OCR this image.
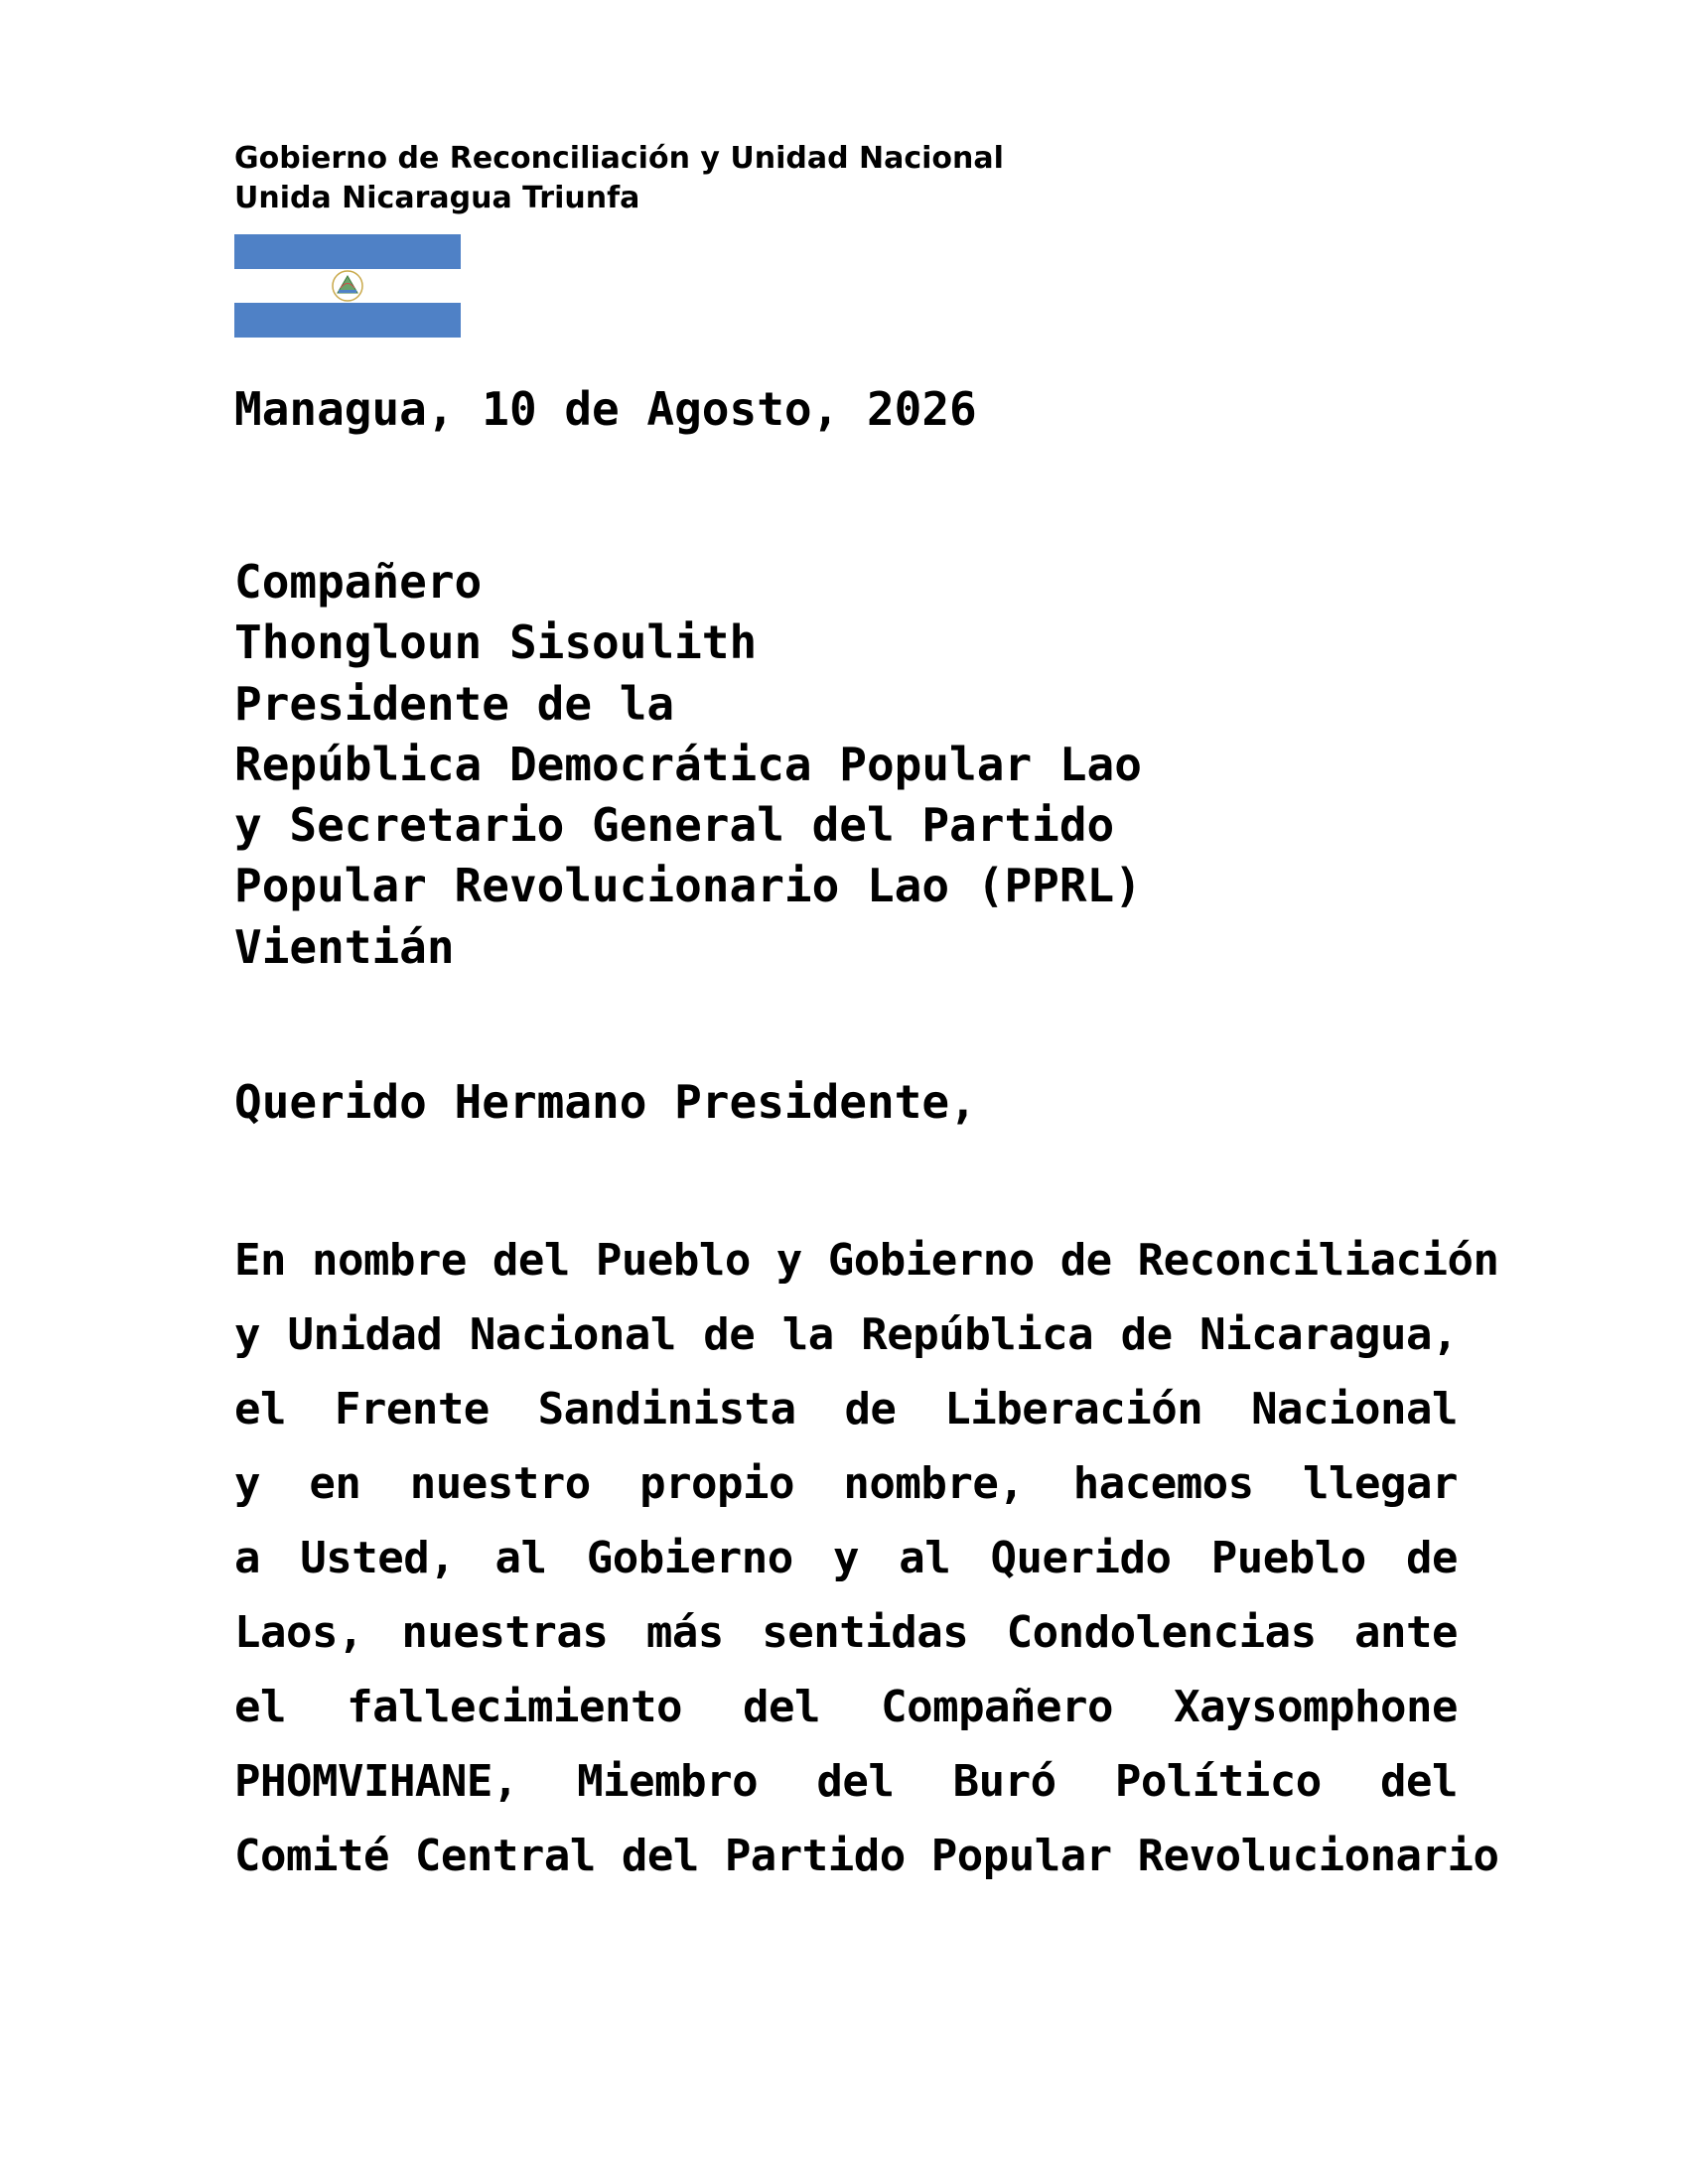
Gobierno de Reconciliación y Unidad Nacional
Unida Nicaragua Triunfa
Managua, 10 de Agosto, 2026
Compañero
Thongloun Sisoulith
Presidente de la
República Democrática Popular Lao
y Secretario General del Partido
Popular Revolucionario Lao (PPRL)
Vientián
Querido Hermano Presidente,
En nombre del Pueblo y Gobierno de Reconciliación
y Unidad Nacional de la República de Nicaragua,
el Frente Sandinista de Liberación Nacional
y en nuestro propio nombre, hacemos llegar
a Usted, al Gobierno y al Querido Pueblo de
Laos, nuestras más sentidas Condolencias ante
el fallecimiento del Compañero Xaysomphone
PHOMVIHANE, Miembro del Buró Político del
Comité Central del Partido Popular Revolucionario
